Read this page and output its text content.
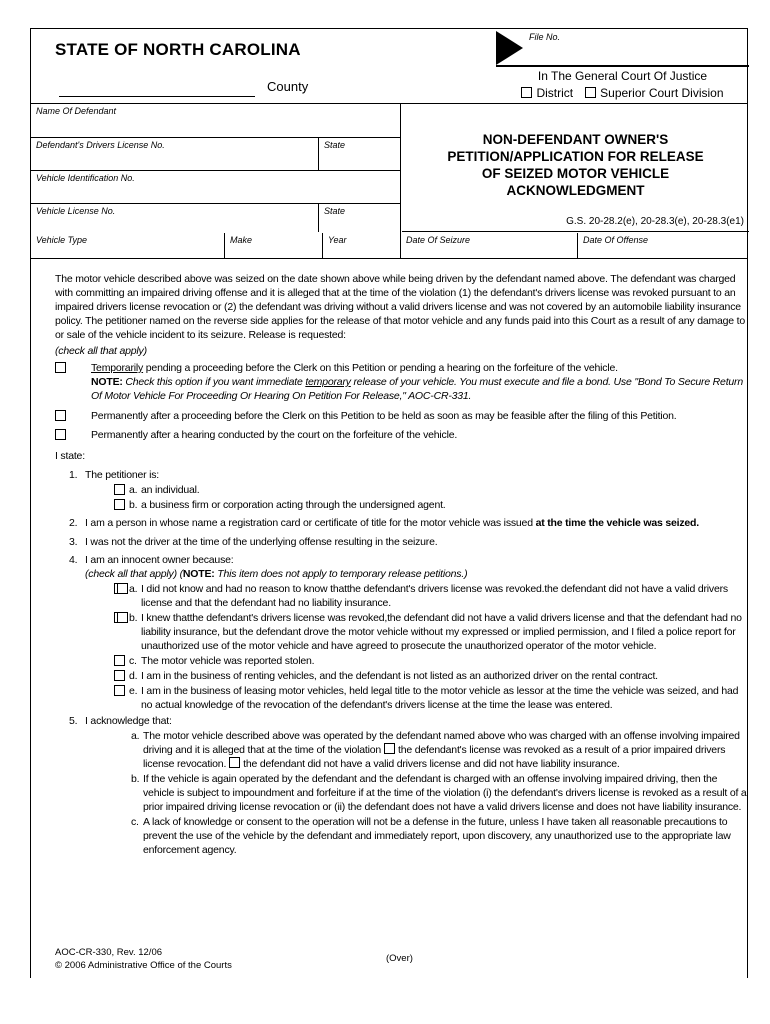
STATE OF NORTH CAROLINA
County
File No.
In The General Court Of Justice
District Superior Court Division
Name Of Defendant
Defendant's Drivers License No.	State
Vehicle Identification No.
Vehicle License No.	State
NON-DEFENDANT OWNER'S
PETITION/APPLICATION FOR RELEASE
OF SEIZED MOTOR VEHICLE
ACKNOWLEDGMENT
G.S. 20-28.2(e), 20-28.3(e), 20-28.3(e1)
Vehicle Type	Make	Year	Date Of Seizure	Date Of Offense
The motor vehicle described above was seized on the date shown above while being driven by the defendant named above. The defendant was charged with committing an impaired driving offense and it is alleged that at the time of the violation (1) the defendant's drivers license was revoked pursuant to an impaired drivers license revocation or (2) the defendant was driving without a valid drivers license and was not covered by an automobile liability insurance policy. The petitioner named on the reverse side applies for the release of that motor vehicle and any funds paid into this Court as a result of any damage to or sale of the vehicle incident to its seizure. Release is requested:
(check all that apply)
Temporarily pending a proceeding before the Clerk on this Petition or pending a hearing on the forfeiture of the vehicle.
NOTE: Check this option if you want immediate temporary release of your vehicle. You must execute and file a bond. Use "Bond To Secure Return Of Motor Vehicle For Proceeding Or Hearing On Petition For Release," AOC-CR-331.
Permanently after a proceeding before the Clerk on this Petition to be held as soon as may be feasible after the filing of this Petition.
Permanently after a hearing conducted by the court on the forfeiture of the vehicle.
I state:
1. The petitioner is:
a. an individual.
b. a business firm or corporation acting through the undersigned agent.
2. I am a person in whose name a registration card or certificate of title for the motor vehicle was issued at the time the vehicle was seized.
3. I was not the driver at the time of the underlying offense resulting in the seizure.
4. I am an innocent owner because:
(check all that apply) (NOTE: This item does not apply to temporary release petitions.)
a. I did not know and had no reason to know that
the defendant's drivers license was revoked.
the defendant did not have a valid drivers license and that the defendant had no liability insurance.
b. I knew that
the defendant's drivers license was revoked,
the defendant did not have a valid drivers license and that the defendant had no liability insurance, but the defendant drove the motor vehicle without my expressed or implied permission, and I filed a police report for unauthorized use of the motor vehicle and have agreed to prosecute the unauthorized operator of the motor vehicle.
c. The motor vehicle was reported stolen.
d. I am in the business of renting vehicles, and the defendant is not listed as an authorized driver on the rental contract.
e. I am in the business of leasing motor vehicles, held legal title to the motor vehicle as lessor at the time the vehicle was seized, and had no actual knowledge of the revocation of the defendant's drivers license at the time the lease was entered.
5. I acknowledge that:
a. The motor vehicle described above was operated by the defendant named above who was charged with an offense involving impaired driving and it is alleged that at the time of the violation the defendant's license was revoked as a result of a prior impaired drivers license revocation. the defendant did not have a valid drivers license and did not have liability insurance.
b. If the vehicle is again operated by the defendant and the defendant is charged with an offense involving impaired driving, then the vehicle is subject to impoundment and forfeiture if at the time of the violation (i) the defendant's drivers license is revoked as a result of a prior impaired driving license revocation or (ii) the defendant does not have a valid drivers license and does not have liability insurance.
c. A lack of knowledge or consent to the operation will not be a defense in the future, unless I have taken all reasonable precautions to prevent the use of the vehicle by the defendant and immediately report, upon discovery, any unauthorized use to the appropriate law enforcement agency.
AOC-CR-330, Rev. 12/06
© 2006 Administrative Office of the Courts
(Over)
